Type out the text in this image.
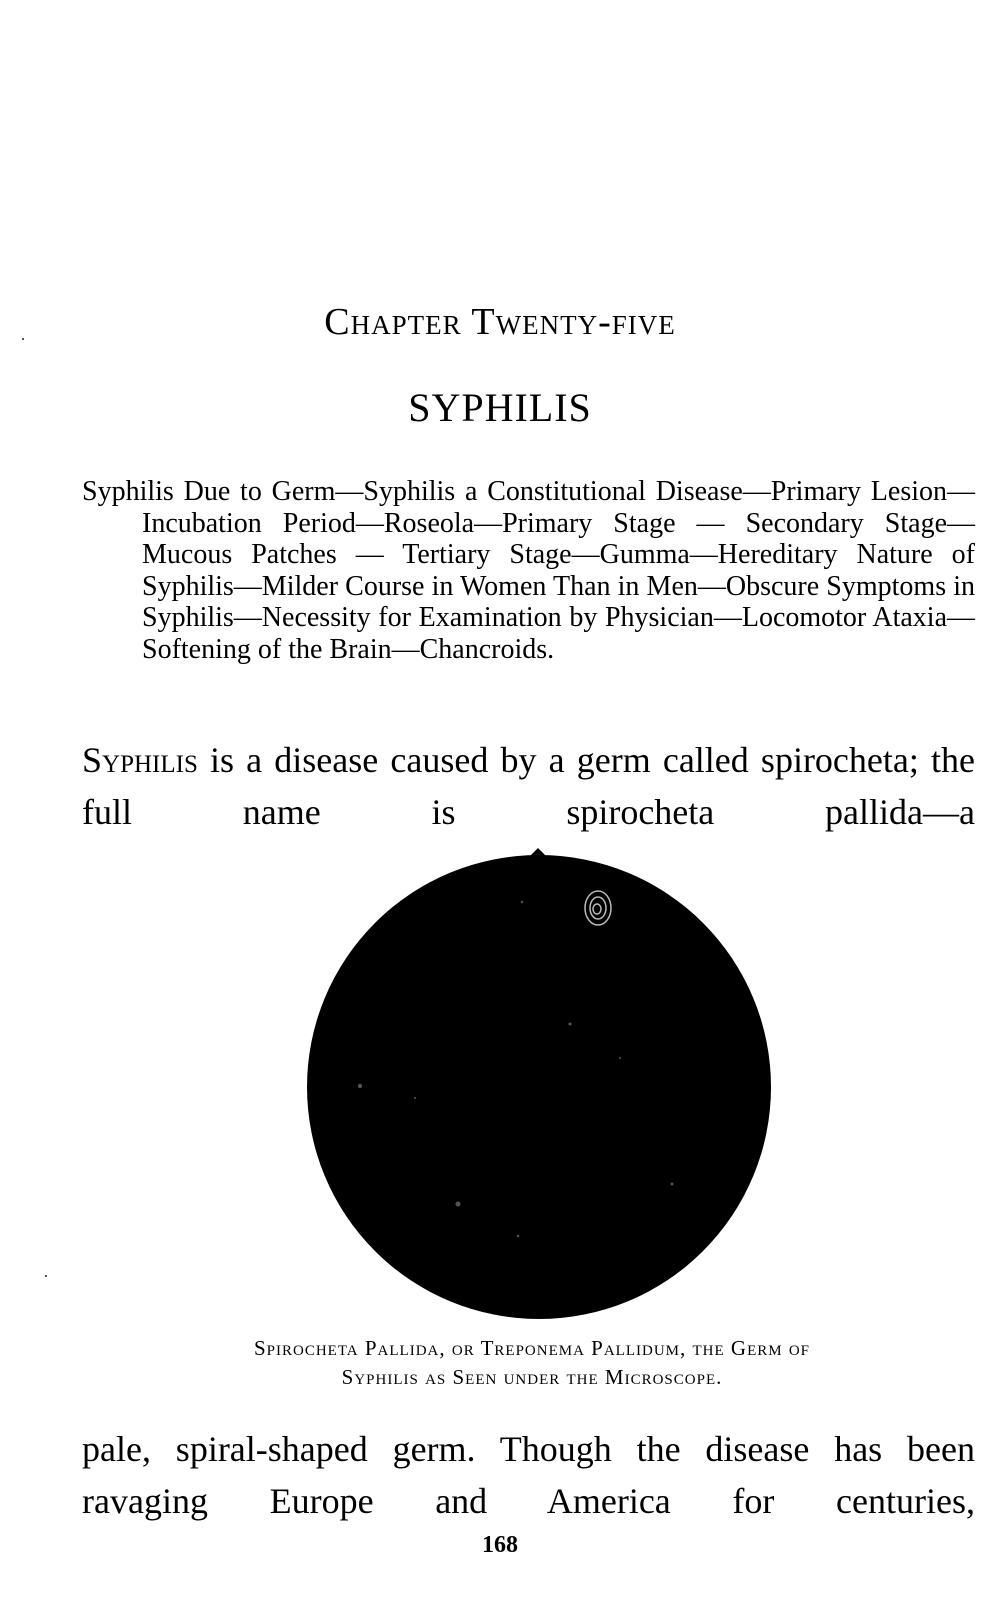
Chapter Twenty-five
SYPHILIS
Syphilis Due to Germ—Syphilis a Constitutional Disease—Primary Lesion—Incubation Period—Roseola—Primary Stage — Secondary Stage— Mucous Patches — Tertiary Stage—Gumma—Hereditary Nature of Syphilis—Milder Course in Women Than in Men—Obscure Symptoms in Syphilis—Necessity for Examination by Physician—Locomotor Ataxia—Softening of the Brain—Chancroids.
Syphilis is a disease caused by a germ called spirocheta; the full name is spirocheta pallida—a
Spirocheta Pallida, or Treponema Pallidum, the Germ of
Syphilis as Seen under the Microscope.
pale, spiral-shaped germ. Though the disease has been ravaging Europe and America for centuries,
168
